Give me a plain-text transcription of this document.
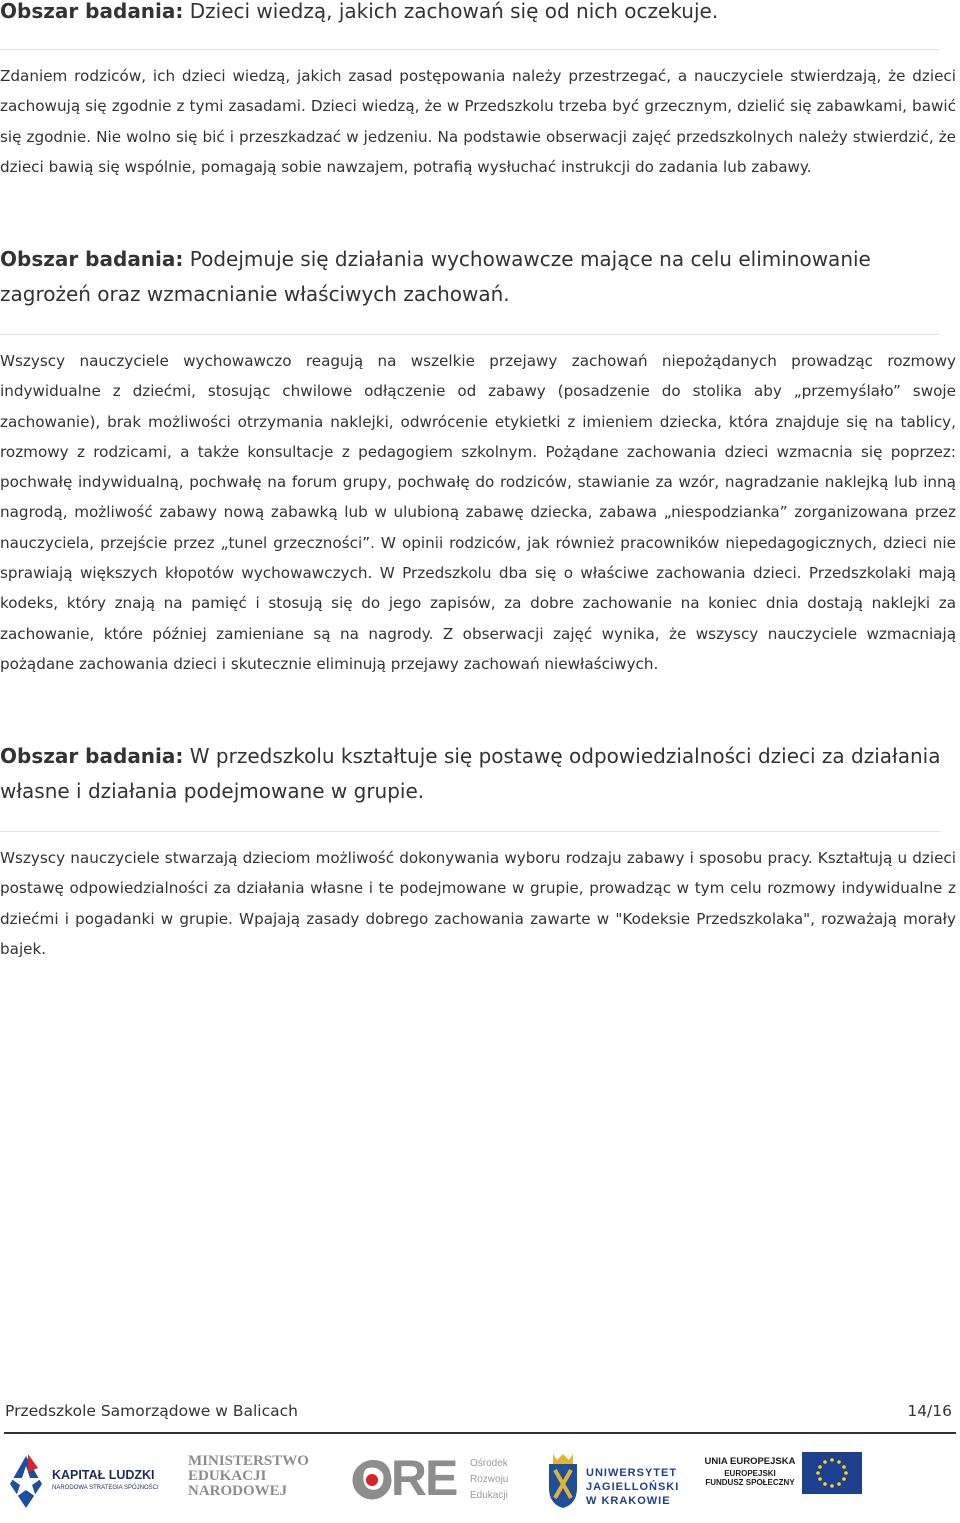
Obszar badania: Dzieci wiedzą, jakich zachowań się od nich oczekuje.

Zdaniem rodziców, ich dzieci wiedzą, jakich zasad postępowania należy przestrzegać, a nauczyciele stwierdzają, że dzieci zachowują się zgodnie z tymi zasadami. Dzieci wiedzą, że w Przedszkolu trzeba być grzecznym, dzielić się zabawkami, bawić się zgodnie. Nie wolno się bić i przeszkadzać w jedzeniu. Na podstawie obserwacji zajęć przedszkolnych należy stwierdzić, że dzieci bawią się wspólnie, pomagają sobie nawzajem, potrafią wysłuchać instrukcji do zadania lub zabawy.

Obszar badania: Podejmuje się działania wychowawcze mające na celu eliminowanie zagrożeń oraz wzmacnianie właściwych zachowań.

Wszyscy nauczyciele wychowawczo reagują na wszelkie przejawy zachowań niepożądanych prowadząc rozmowy indywidualne z dziećmi, stosując chwilowe odłączenie od zabawy (posadzenie do stolika aby „przemyślało” swoje zachowanie), brak możliwości otrzymania naklejki, odwrócenie etykietki z imieniem dziecka, która znajduje się na tablicy, rozmowy z rodzicami, a także konsultacje z pedagogiem szkolnym. Pożądane zachowania dzieci wzmacnia się poprzez: pochwałę indywidualną, pochwałę na forum grupy, pochwałę do rodziców, stawianie za wzór, nagradzanie naklejką lub inną nagrodą, możliwość zabawy nową zabawką lub w ulubioną zabawę dziecka, zabawa „niespodzianka” zorganizowana przez nauczyciela, przejście przez „tunel grzeczności”. W opinii rodziców, jak również pracowników niepedagogicznych, dzieci nie sprawiają większych kłopotów wychowawczych. W Przedszkolu dba się o właściwe zachowania dzieci. Przedszkolaki mają kodeks, który znają na pamięć i stosują się do jego zapisów, za dobre zachowanie na koniec dnia dostają naklejki za zachowanie, które później zamieniane są na nagrody. Z obserwacji zajęć wynika, że wszyscy nauczyciele wzmacniają pożądane zachowania dzieci i skutecznie eliminują przejawy zachowań niewłaściwych.

Obszar badania: W przedszkolu kształtuje się postawę odpowiedzialności dzieci za działania własne i działania podejmowane w grupie.

Wszyscy nauczyciele stwarzają dzieciom możliwość dokonywania wyboru rodzaju zabawy i sposobu pracy. Kształtują u dzieci postawę odpowiedzialności za działania własne i te podejmowane w grupie, prowadząc w tym celu rozmowy indywidualne z dziećmi i pogadanki w grupie. Wpajają zasady dobrego zachowania zawarte w "Kodeksie Przedszkolaka", rozważają morały bajek.

Przedszkole Samorządowe w Balicach	14/16
KAPITAŁ LUDZKI
NARODOWA STRATEGIA SPÓJNOŚCI
MINISTERSTWO
EDUKACJI
NARODOWEJ	ORE Ośrodek
Rozwoju
Edukacji
UNIWERSYTET
JAGIELLOŃSKI
W KRAKOWIE
UNIA EUROPEJSKA
EUROPEJSKI
FUNDUSZ SPOŁECZNY
